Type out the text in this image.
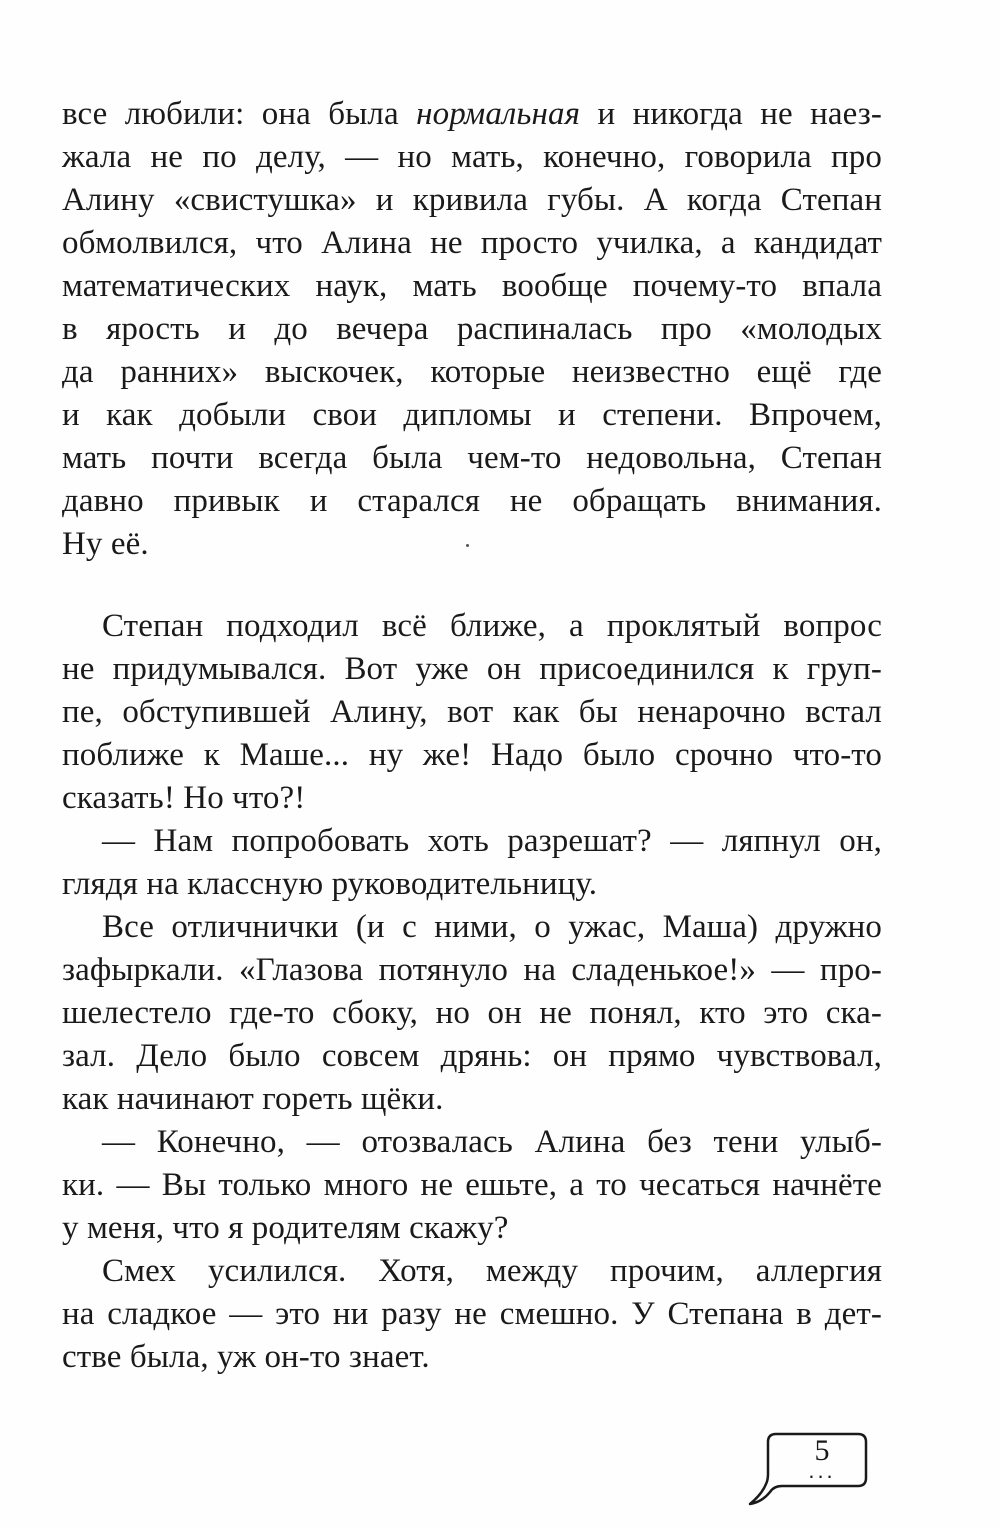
все любили: она была нормальная и никогда не наез-
жала не по делу, — но мать, конечно, говорила про
Алину «свистушка» и кривила губы. А когда Степан
обмолвился, что Алина не просто училка, а кандидат
математических наук, мать вообще почему-то впала
в ярость и до вечера распиналась про «молодых
да ранних» выскочек, которые неизвестно ещё где
и как добыли свои дипломы и степени. Впрочем,
мать почти всегда была чем-то недовольна, Степан
давно привык и старался не обращать внимания.
Ну её.
Степан подходил всё ближе, а проклятый вопрос
не придумывался. Вот уже он присоединился к груп-
пе, обступившей Алину, вот как бы ненарочно встал
поближе к Маше... ну же! Надо было срочно что-то
сказать! Но что?!
— Нам попробовать хоть разрешат? — ляпнул он,
глядя на классную руководительницу.
Все отличнички (и с ними, о ужас, Маша) дружно
зафыркали. «Глазова потянуло на сладенькое!» — про-
шелестело где-то сбоку, но он не понял, кто это ска-
зал. Дело было совсем дрянь: он прямо чувствовал,
как начинают гореть щёки.
— Конечно, — отозвалась Алина без тени улыб-
ки. — Вы только много не ешьте, а то чесаться начнёте
у меня, что я родителям скажу?
Смех усилился. Хотя, между прочим, аллергия
на сладкое — это ни разу не смешно. У Степана в дет-
стве была, уж он-то знает.
5
...
